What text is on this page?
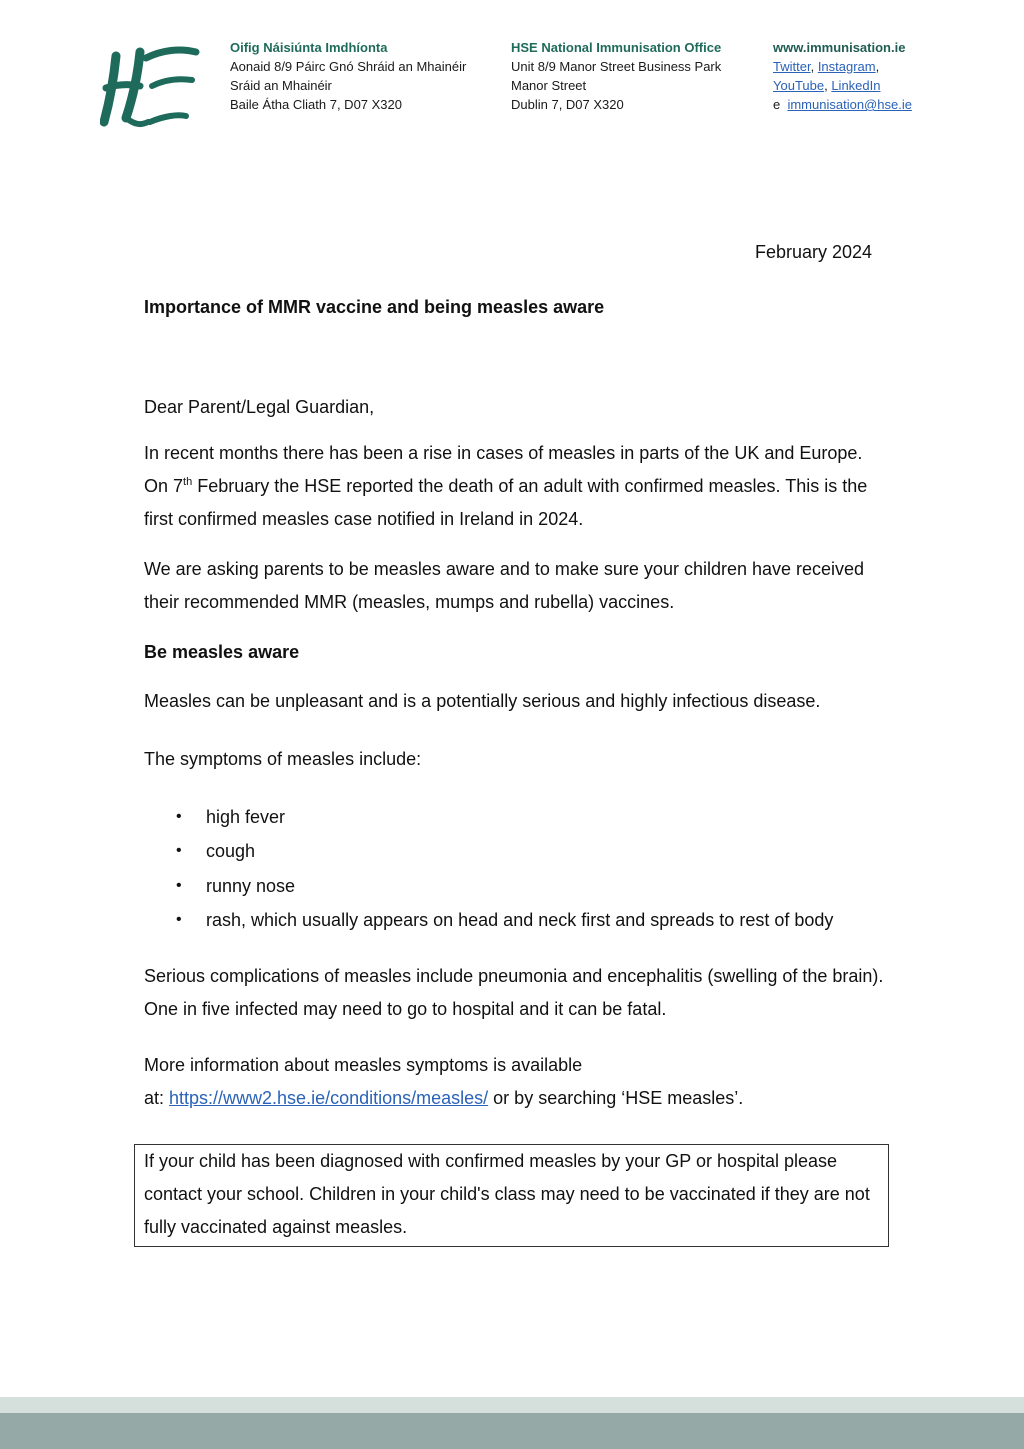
Oifig Náisiúnta Imdhíonta
Aonaid 8/9 Páirc Gnó Shráid an Mhainéir
Sráid an Mhainéir
Baile Átha Cliath 7, D07 X320
HSE National Immunisation Office
Unit 8/9 Manor Street Business Park
Manor Street
Dublin 7, D07 X320
www.immunisation.ie
Twitter, Instagram,
YouTube, LinkedIn
e immunisation@hse.ie
February 2024
Importance of MMR vaccine and being measles aware
Dear Parent/Legal Guardian,
In recent months there has been a rise in cases of measles in parts of the UK and Europe. On 7th February the HSE reported the death of an adult with confirmed measles. This is the first confirmed measles case notified in Ireland in 2024.
We are asking parents to be measles aware and to make sure your children have received their recommended MMR (measles, mumps and rubella) vaccines.
Be measles aware
Measles can be unpleasant and is a potentially serious and highly infectious disease.
The symptoms of measles include:
• high fever
• cough
• runny nose
• rash, which usually appears on head and neck first and spreads to rest of body
Serious complications of measles include pneumonia and encephalitis (swelling of the brain). One in five infected may need to go to hospital and it can be fatal.
More information about measles symptoms is available
at: https://www2.hse.ie/conditions/measles/ or by searching ‘HSE measles’.
If your child has been diagnosed with confirmed measles by your GP or hospital please contact your school. Children in your child's class may need to be vaccinated if they are not fully vaccinated against measles.
